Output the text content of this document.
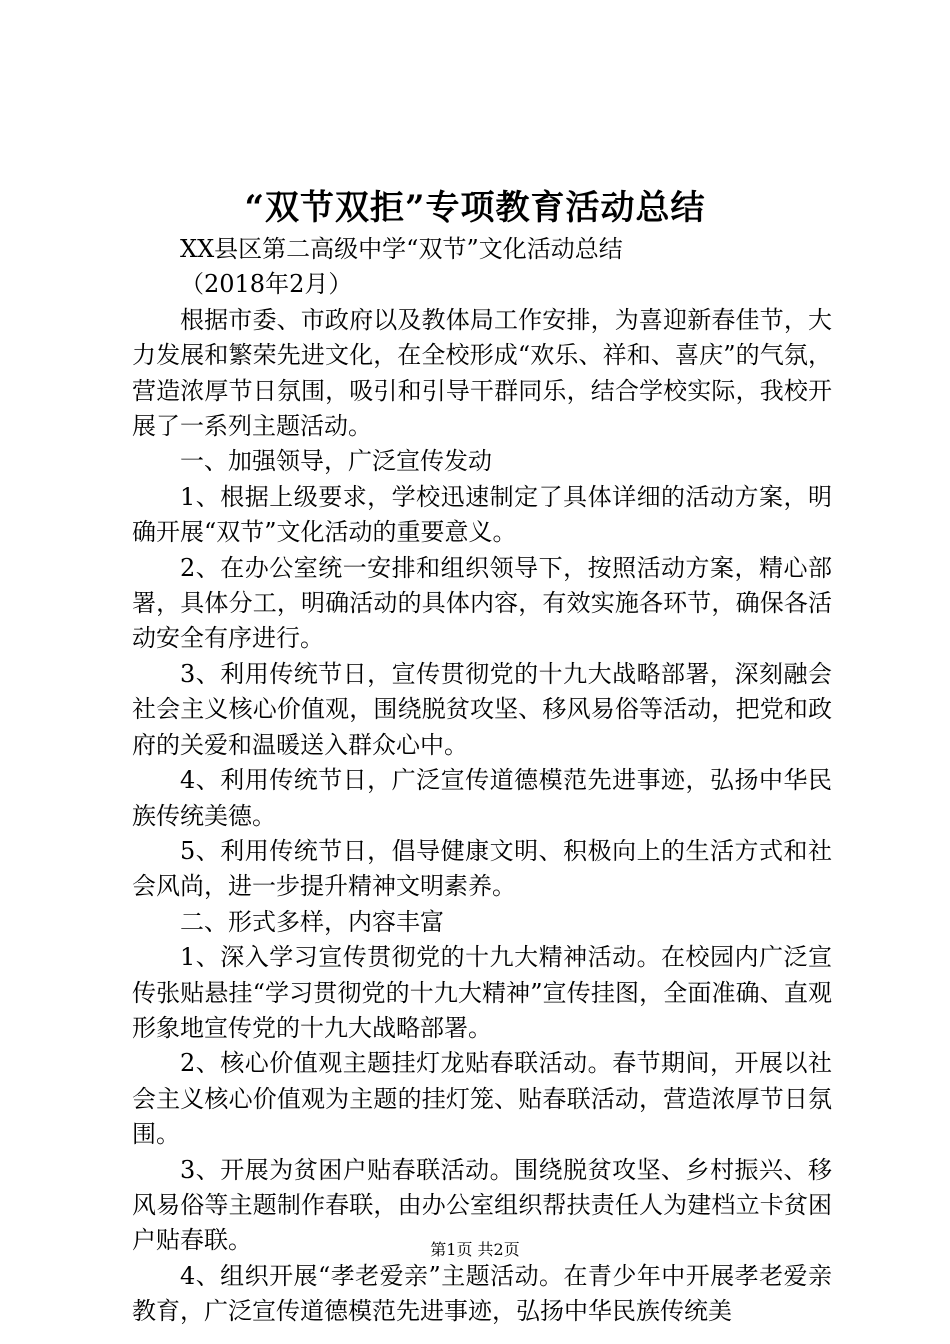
“双节双拒”专项教育活动总结

XX县区第二高级中学“双节”文化活动总结

（2018年2月）

根据市委、市政府以及教体局工作安排，为喜迎新春佳节，大力发展和繁荣先进文化，在全校形成“欢乐、祥和、喜庆”的气氛，营造浓厚节日氛围，吸引和引导干群同乐，结合学校实际，我校开展了一系列主题活动。

一、加强领导，广泛宣传发动

1、根据上级要求，学校迅速制定了具体详细的活动方案，明确开展“双节”文化活动的重要意义。

2、在办公室统一安排和组织领导下，按照活动方案，精心部署，具体分工，明确活动的具体内容，有效实施各环节，确保各活动安全有序进行。

3、利用传统节日，宣传贯彻党的十九大战略部署，深刻融会社会主义核心价值观，围绕脱贫攻坚、移风易俗等活动，把党和政府的关爱和温暖送入群众心中。

4、利用传统节日，广泛宣传道德模范先进事迹，弘扬中华民族传统美德。

5、利用传统节日，倡导健康文明、积极向上的生活方式和社会风尚，进一步提升精神文明素养。

二、形式多样，内容丰富

1、深入学习宣传贯彻党的十九大精神活动。在校园内广泛宣传张贴悬挂“学习贯彻党的十九大精神”宣传挂图，全面准确、直观形象地宣传党的十九大战略部署。

2、核心价值观主题挂灯龙贴春联活动。春节期间，开展以社会主义核心价值观为主题的挂灯笼、贴春联活动，营造浓厚节日氛围。

3、开展为贫困户贴春联活动。围绕脱贫攻坚、乡村振兴、移风易俗等主题制作春联，由办公室组织帮扶责任人为建档立卡贫困户贴春联。

4、组织开展“孝老爱亲”主题活动。在青少年中开展孝老爱亲教育，广泛宣传道德模范先进事迹，弘扬中华民族传统美

第1页 共2页
